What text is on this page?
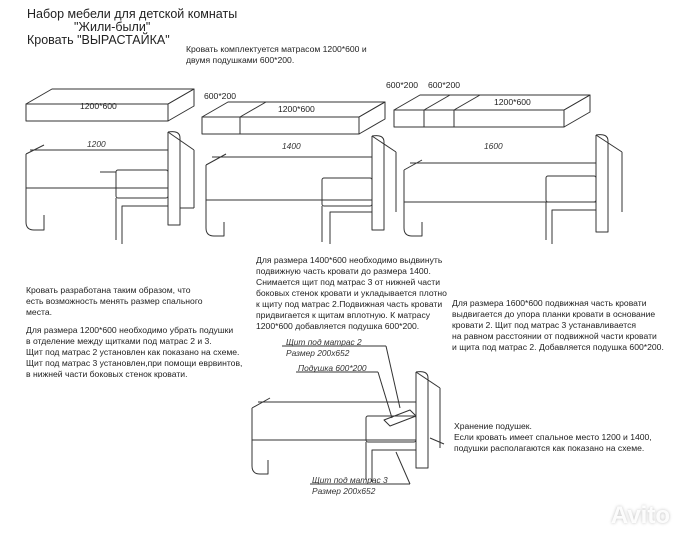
Набор мебели для детской комнаты

"Жили-были"

Кровать "ВЫРАСТАЙКА"

Кровать комплектуется матрасом 1200*600 и

двумя подушками 600*200.

1200*600

600*200

1200*600

600*200 600*200

1200*600

1200	1400	1600

Кровать разработана таким образом, что

есть возможность менять размер спального

места.

Для размера 1200*600 необходимо убрать подушки

в отделение между щитками под матрас 2 и 3.

Щит под матрас 2 установлен как показано на схеме.

Щит под матрас 3 установлен,при помощи еврвинтов,

в нижней части боковых стенок кровати.

Для размера 1400*600 необходимо выдвинуть

подвижную часть кровати до размера 1400.

Снимается щит под матрас 3 от нижней части

боковых стенок кровати и укладывается плотно

к щиту под матрас 2.Подвижная часть кровати

придвигается к щитам вплотную. К матрасу

1200*600 добавляется подушка 600*200.

Для размера 1600*600 подвижная часть кровати

выдвигается до упора планки кровати в основание

кровати 2. Щит под матрас 3 устанавливается

на равном расстоянии от подвижной части кровати

и щита под матрас 2. Добавляется подушка 600*200.

Щит под матрас 2

Размер 200х652

Подушка 600*200

Щит под матрас 3

Размер 200х652

Хранение подушек.

Если кровать имеет спальное место 1200 и 1400,

подушки располагаются как показано на схеме.

Avito
